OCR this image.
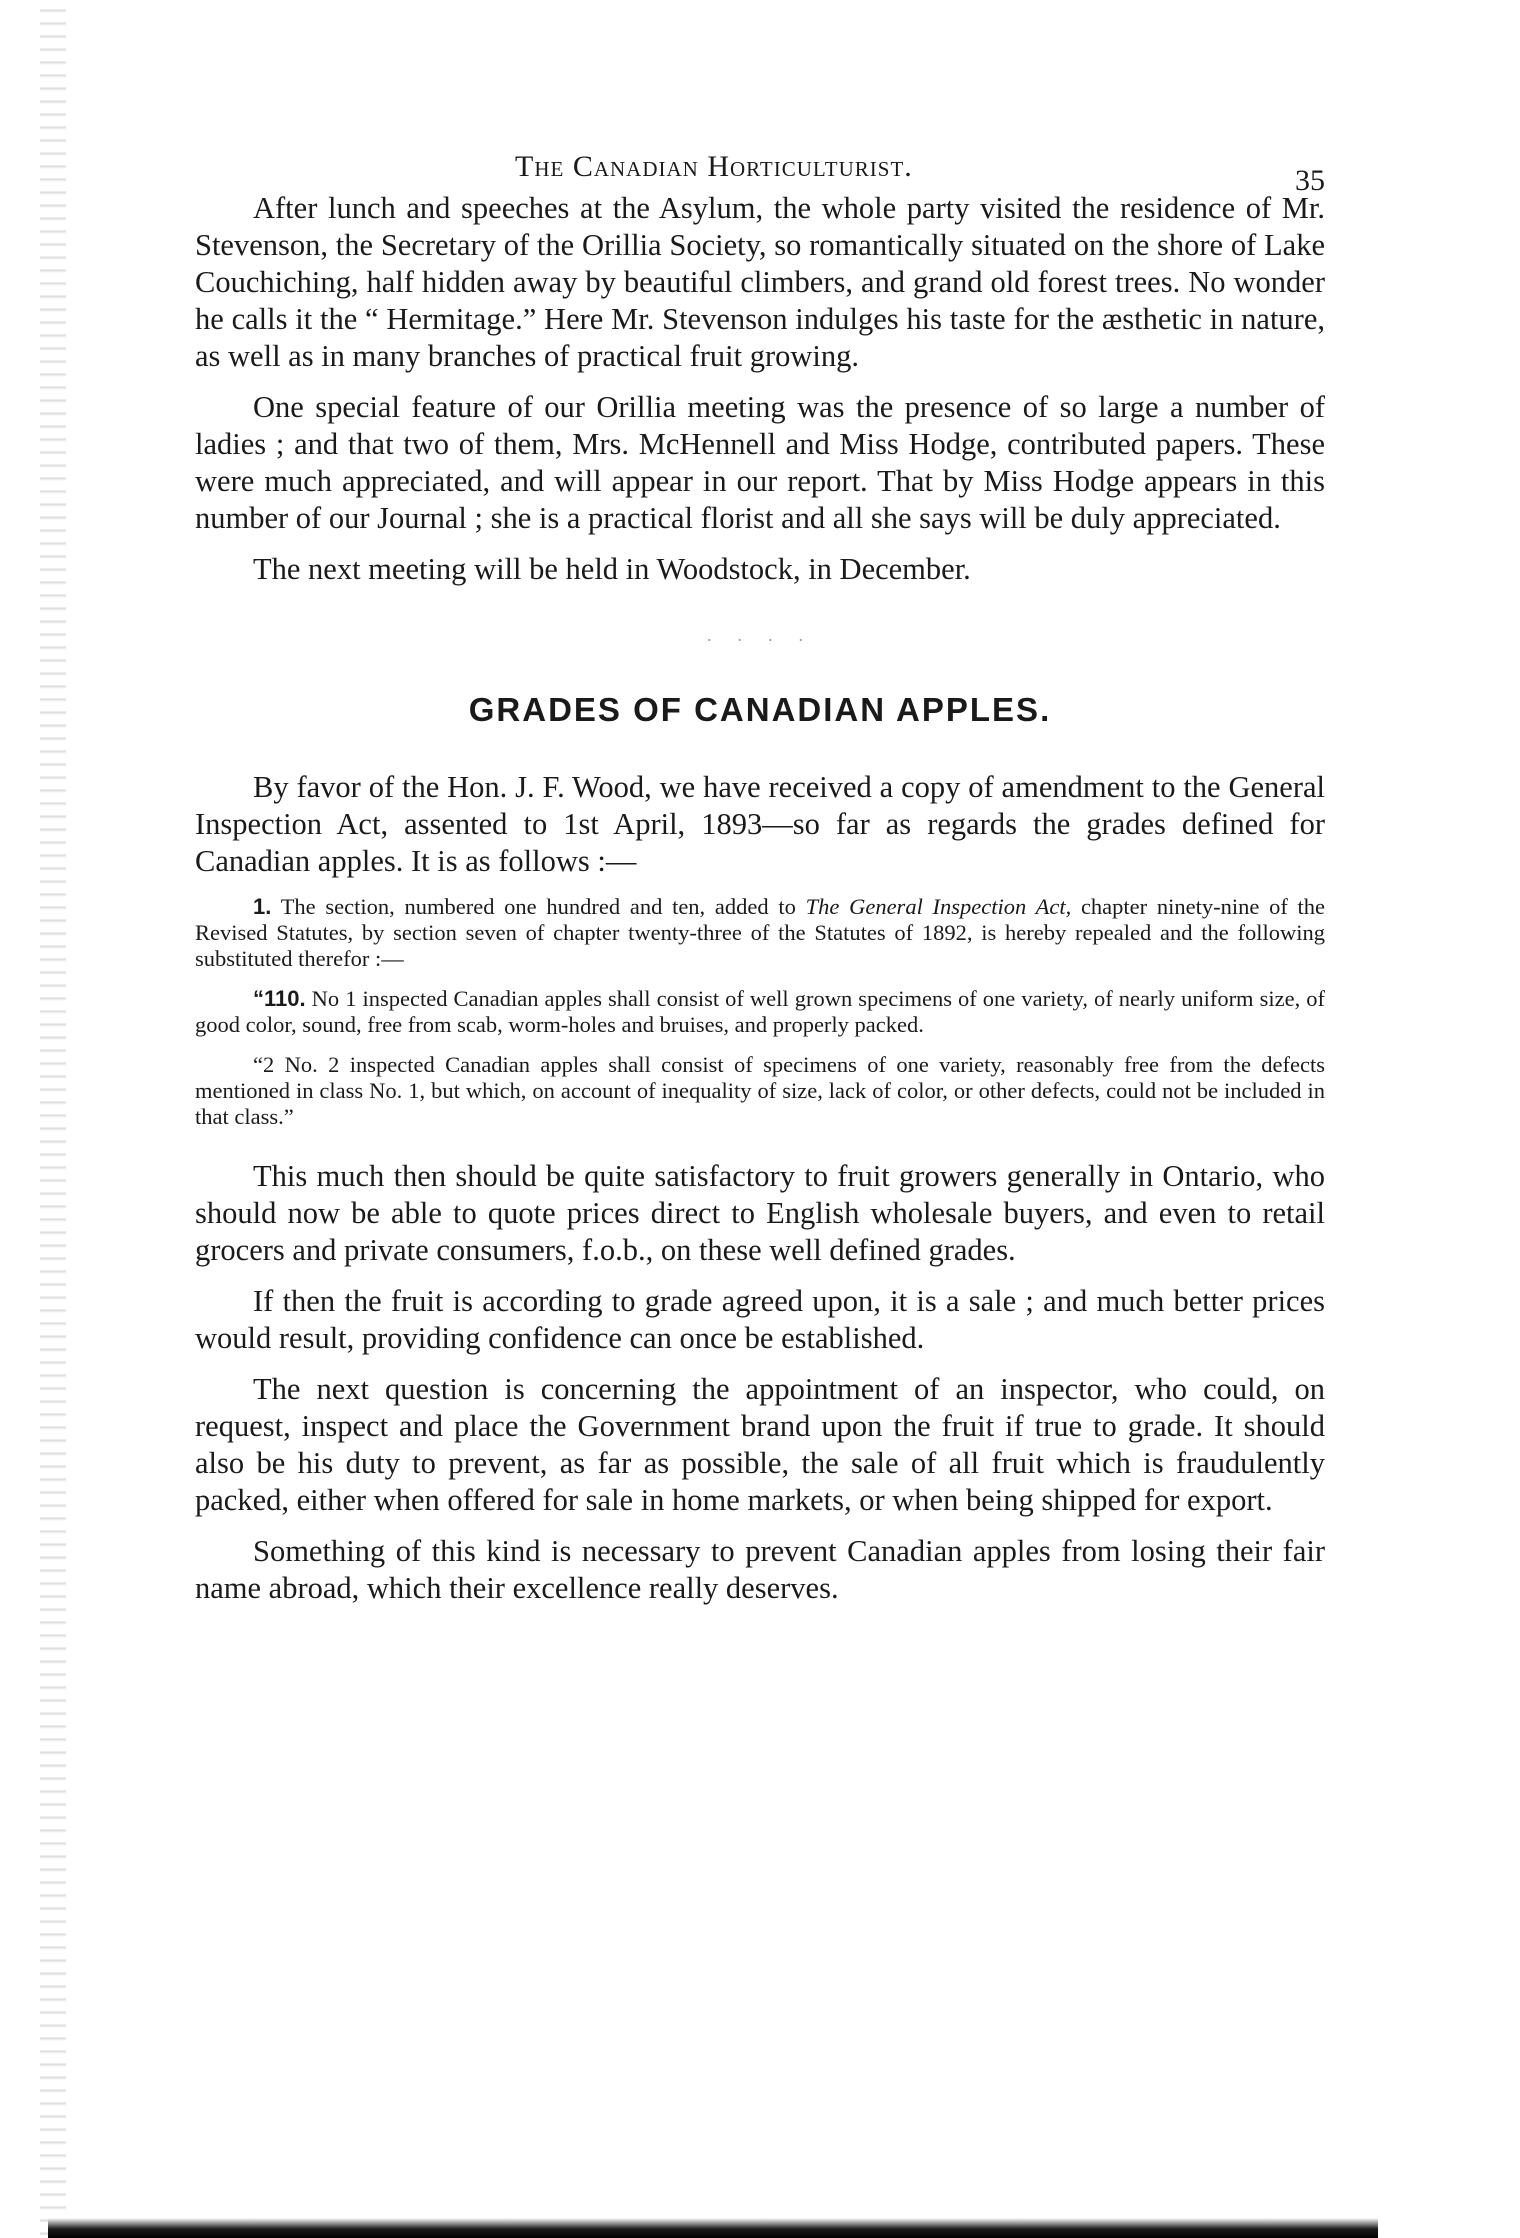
The Canadian Horticulturist.	35

After lunch and speeches at the Asylum, the whole party visited the residence of Mr. Stevenson, the Secretary of the Orillia Society, so romantically situated on the shore of Lake Couchiching, half hidden away by beautiful climbers, and grand old forest trees. No wonder he calls it the “ Hermitage.” Here Mr. Stevenson indulges his taste for the æsthetic in nature, as well as in many branches of practical fruit growing.

One special feature of our Orillia meeting was the presence of so large a number of ladies ; and that two of them, Mrs. McHennell and Miss Hodge, contributed papers. These were much appreciated, and will appear in our report. That by Miss Hodge appears in this number of our Journal ; she is a practical florist and all she says will be duly appreciated.

The next meeting will be held in Woodstock, in December.

· · · ·
GRADES OF CANADIAN APPLES.

By favor of the Hon. J. F. Wood, we have received a copy of amendment to the General Inspection Act, assented to 1st April, 1893—so far as regards the grades defined for Canadian apples. It is as follows :—

1. The section, numbered one hundred and ten, added to The General Inspection Act, chapter ninety-nine of the Revised Statutes, by section seven of chapter twenty-three of the Statutes of 1892, is hereby repealed and the following substituted therefor :—

“110. No 1 inspected Canadian apples shall consist of well grown specimens of one variety, of nearly uniform size, of good color, sound, free from scab, worm-holes and bruises, and properly packed.

“2 No. 2 inspected Canadian apples shall consist of specimens of one variety, reasonably free from the defects mentioned in class No. 1, but which, on account of inequality of size, lack of color, or other defects, could not be included in that class.”

This much then should be quite satisfactory to fruit growers generally in Ontario, who should now be able to quote prices direct to English wholesale buyers, and even to retail grocers and private consumers, f.o.b., on these well defined grades.

If then the fruit is according to grade agreed upon, it is a sale ; and much better prices would result, providing confidence can once be established.

The next question is concerning the appointment of an inspector, who could, on request, inspect and place the Government brand upon the fruit if true to grade. It should also be his duty to prevent, as far as possible, the sale of all fruit which is fraudulently packed, either when offered for sale in home markets, or when being shipped for export.

Something of this kind is necessary to prevent Canadian apples from losing their fair name abroad, which their excellence really deserves.
